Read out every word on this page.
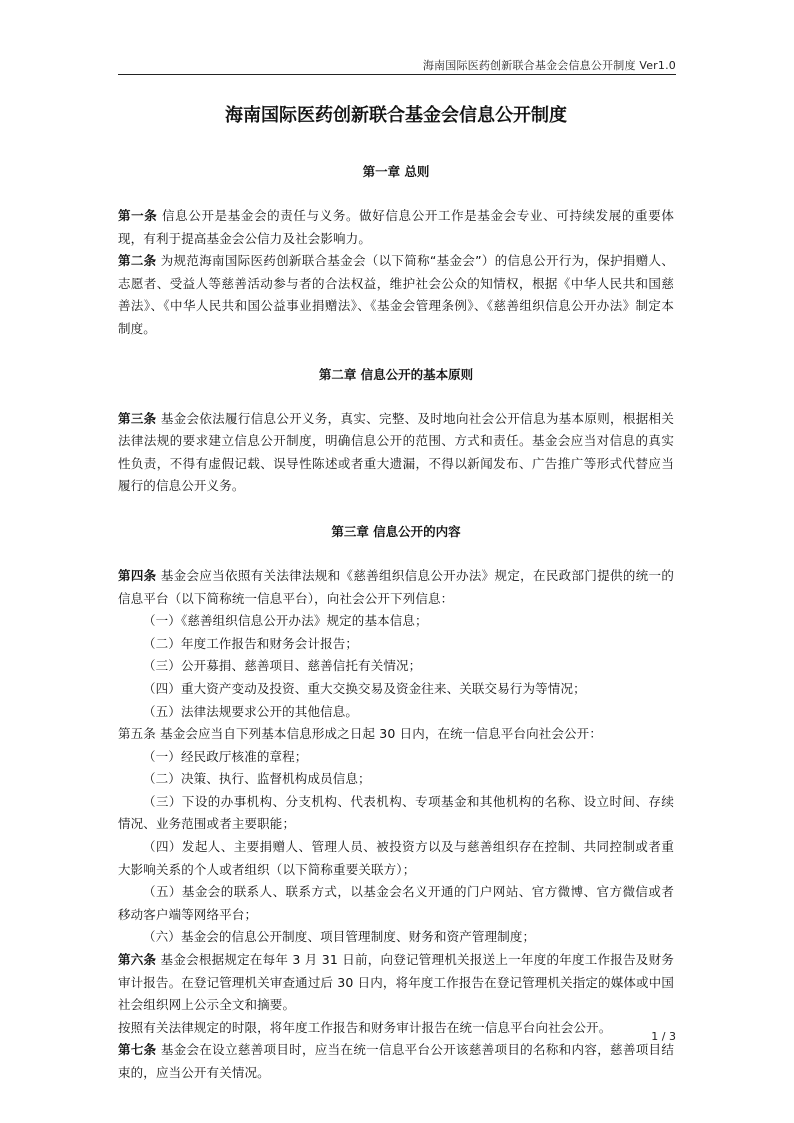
海南国际医药创新联合基金会信息公开制度 Ver1.0
海南国际医药创新联合基金会信息公开制度
第一章 总则

第一条 信息公开是基金会的责任与义务。做好信息公开工作是基金会专业、可持续发展的重要体现，有利于提高基金会公信力及社会影响力。

第二条 为规范海南国际医药创新联合基金会（以下简称“基金会”）的信息公开行为，保护捐赠人、志愿者、受益人等慈善活动参与者的合法权益，维护社会公众的知情权，根据《中华人民共和国慈善法》、《中华人民共和国公益事业捐赠法》、《基金会管理条例》、《慈善组织信息公开办法》制定本制度。

第二章 信息公开的基本原则

第三条 基金会依法履行信息公开义务，真实、完整、及时地向社会公开信息为基本原则，根据相关法律法规的要求建立信息公开制度，明确信息公开的范围、方式和责任。基金会应当对信息的真实性负责，不得有虚假记载、误导性陈述或者重大遗漏，不得以新闻发布、广告推广等形式代替应当履行的信息公开义务。

第三章 信息公开的内容

第四条 基金会应当依照有关法律法规和《慈善组织信息公开办法》规定，在民政部门提供的统一的信息平台（以下简称统一信息平台），向社会公开下列信息：

（一）《慈善组织信息公开办法》规定的基本信息；

（二）年度工作报告和财务会计报告；

（三）公开募捐、慈善项目、慈善信托有关情况；

（四）重大资产变动及投资、重大交换交易及资金往来、关联交易行为等情况；

（五）法律法规要求公开的其他信息。

第五条 基金会应当自下列基本信息形成之日起 30 日内，在统一信息平台向社会公开：

（一）经民政厅核准的章程；

（二）决策、执行、监督机构成员信息；

（三）下设的办事机构、分支机构、代表机构、专项基金和其他机构的名称、设立时间、存续情况、业务范围或者主要职能；

（四）发起人、主要捐赠人、管理人员、被投资方以及与慈善组织存在控制、共同控制或者重大影响关系的个人或者组织（以下简称重要关联方）；

（五）基金会的联系人、联系方式，以基金会名义开通的门户网站、官方微博、官方微信或者移动客户端等网络平台；

（六）基金会的信息公开制度、项目管理制度、财务和资产管理制度；

第六条 基金会根据规定在每年 3 月 31 日前，向登记管理机关报送上一年度的年度工作报告及财务审计报告。在登记管理机关审查通过后 30 日内，将年度工作报告在登记管理机关指定的媒体或中国社会组织网上公示全文和摘要。

按照有关法律规定的时限，将年度工作报告和财务审计报告在统一信息平台向社会公开。

第七条 基金会在设立慈善项目时，应当在统一信息平台公开该慈善项目的名称和内容，慈善项目结束的，应当公开有关情况。

1 / 3
